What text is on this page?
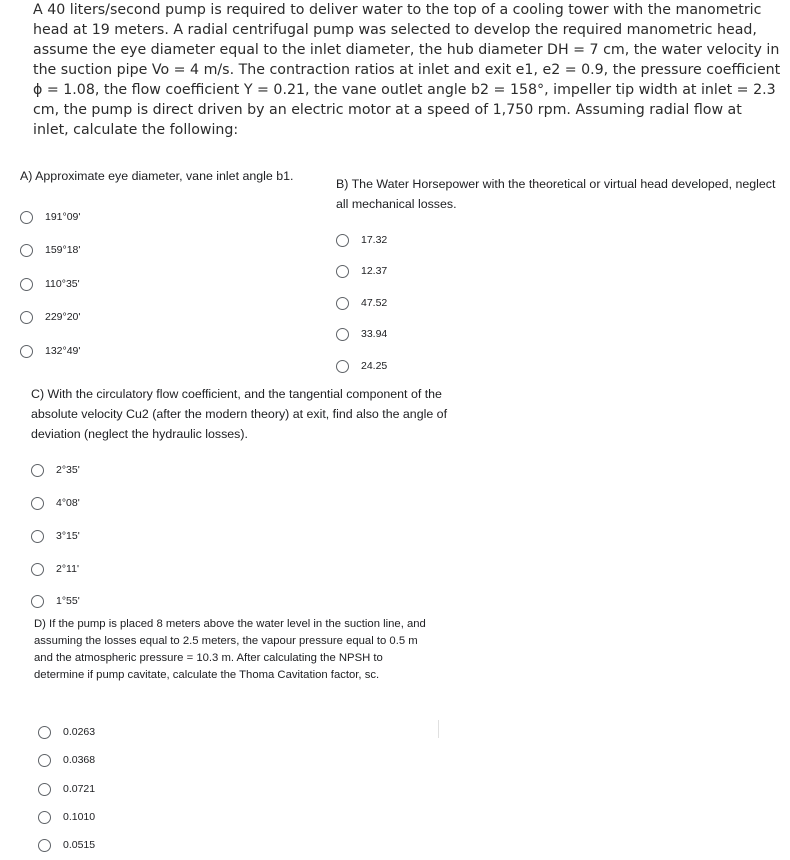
A 40 liters/second pump is required to deliver water to the top of a cooling tower with the manometric head at 19 meters. A radial centrifugal pump was selected to develop the required manometric head, assume the eye diameter equal to the inlet diameter, the hub diameter DH = 7 cm, the water velocity in the suction pipe Vo = 4 m/s. The contraction ratios at inlet and exit e1, e2 = 0.9, the pressure coefficient ϕ = 1.08, the flow coefficient Y = 0.21, the vane outlet angle b2 = 158°, impeller tip width at inlet = 2.3 cm, the pump is direct driven by an electric motor at a speed of 1,750 rpm. Assuming radial flow at inlet, calculate the following:

A) Approximate eye diameter, vane inlet angle b1.

191°09'
159°18'
110°35'
229°20'
132°49'

B) The Water Horsepower with the theoretical or virtual head developed, neglect all mechanical losses.

17.32
12.37
47.52
33.94
24.25

C) With the circulatory flow coefficient, and the tangential component of the absolute velocity Cu2 (after the modern theory) at exit, find also the angle of deviation (neglect the hydraulic losses).

2°35'
4°08'
3°15'
2°11'
1°55'

D) If the pump is placed 8 meters above the water level in the suction line, and assuming the losses equal to 2.5 meters, the vapour pressure equal to 0.5 m and the atmospheric pressure = 10.3 m. After calculating the NPSH to determine if pump cavitate, calculate the Thoma Cavitation factor, sc.

0.0263
0.0368
0.0721
0.1010
0.0515
